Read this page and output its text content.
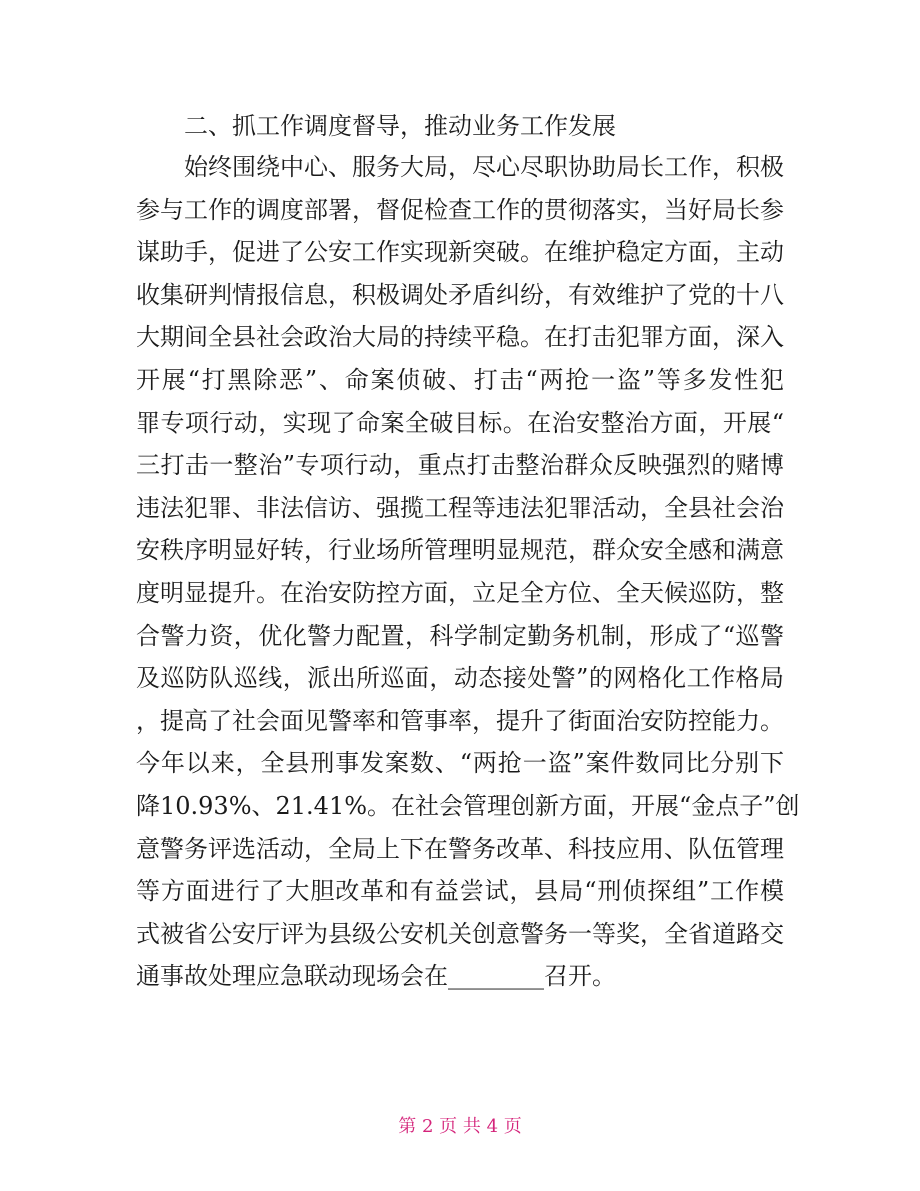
二、抓工作调度督导，推动业务工作发展
始终围绕中心、服务大局，尽心尽职协助局长工作，积极
参与工作的调度部署，督促检查工作的贯彻落实，当好局长参
谋助手，促进了公安工作实现新突破。在维护稳定方面，主动
收集研判情报信息，积极调处矛盾纠纷，有效维护了党的十八
大期间全县社会政治大局的持续平稳。在打击犯罪方面，深入
开展“打黑除恶”、命案侦破、打击“两抢一盗”等多发性犯
罪专项行动，实现了命案全破目标。在治安整治方面，开展“
三打击一整治”专项行动，重点打击整治群众反映强烈的赌博
违法犯罪、非法信访、强揽工程等违法犯罪活动，全县社会治
安秩序明显好转，行业场所管理明显规范，群众安全感和满意
度明显提升。在治安防控方面，立足全方位、全天候巡防，整
合警力资，优化警力配置，科学制定勤务机制，形成了“巡警
及巡防队巡线，派出所巡面，动态接处警”的网格化工作格局
，提高了社会面见警率和管事率，提升了街面治安防控能力。
今年以来，全县刑事发案数、“两抢一盗”案件数同比分别下
降10.93%、21.41%。在社会管理创新方面，开展“金点子”创
意警务评选活动，全局上下在警务改革、科技应用、队伍管理
等方面进行了大胆改革和有益尝试，县局“刑侦探组”工作模
式被省公安厅评为县级公安机关创意警务一等奖，全省道路交
通事故处理应急联动现场会在________召开。
第 2 页 共 4 页
